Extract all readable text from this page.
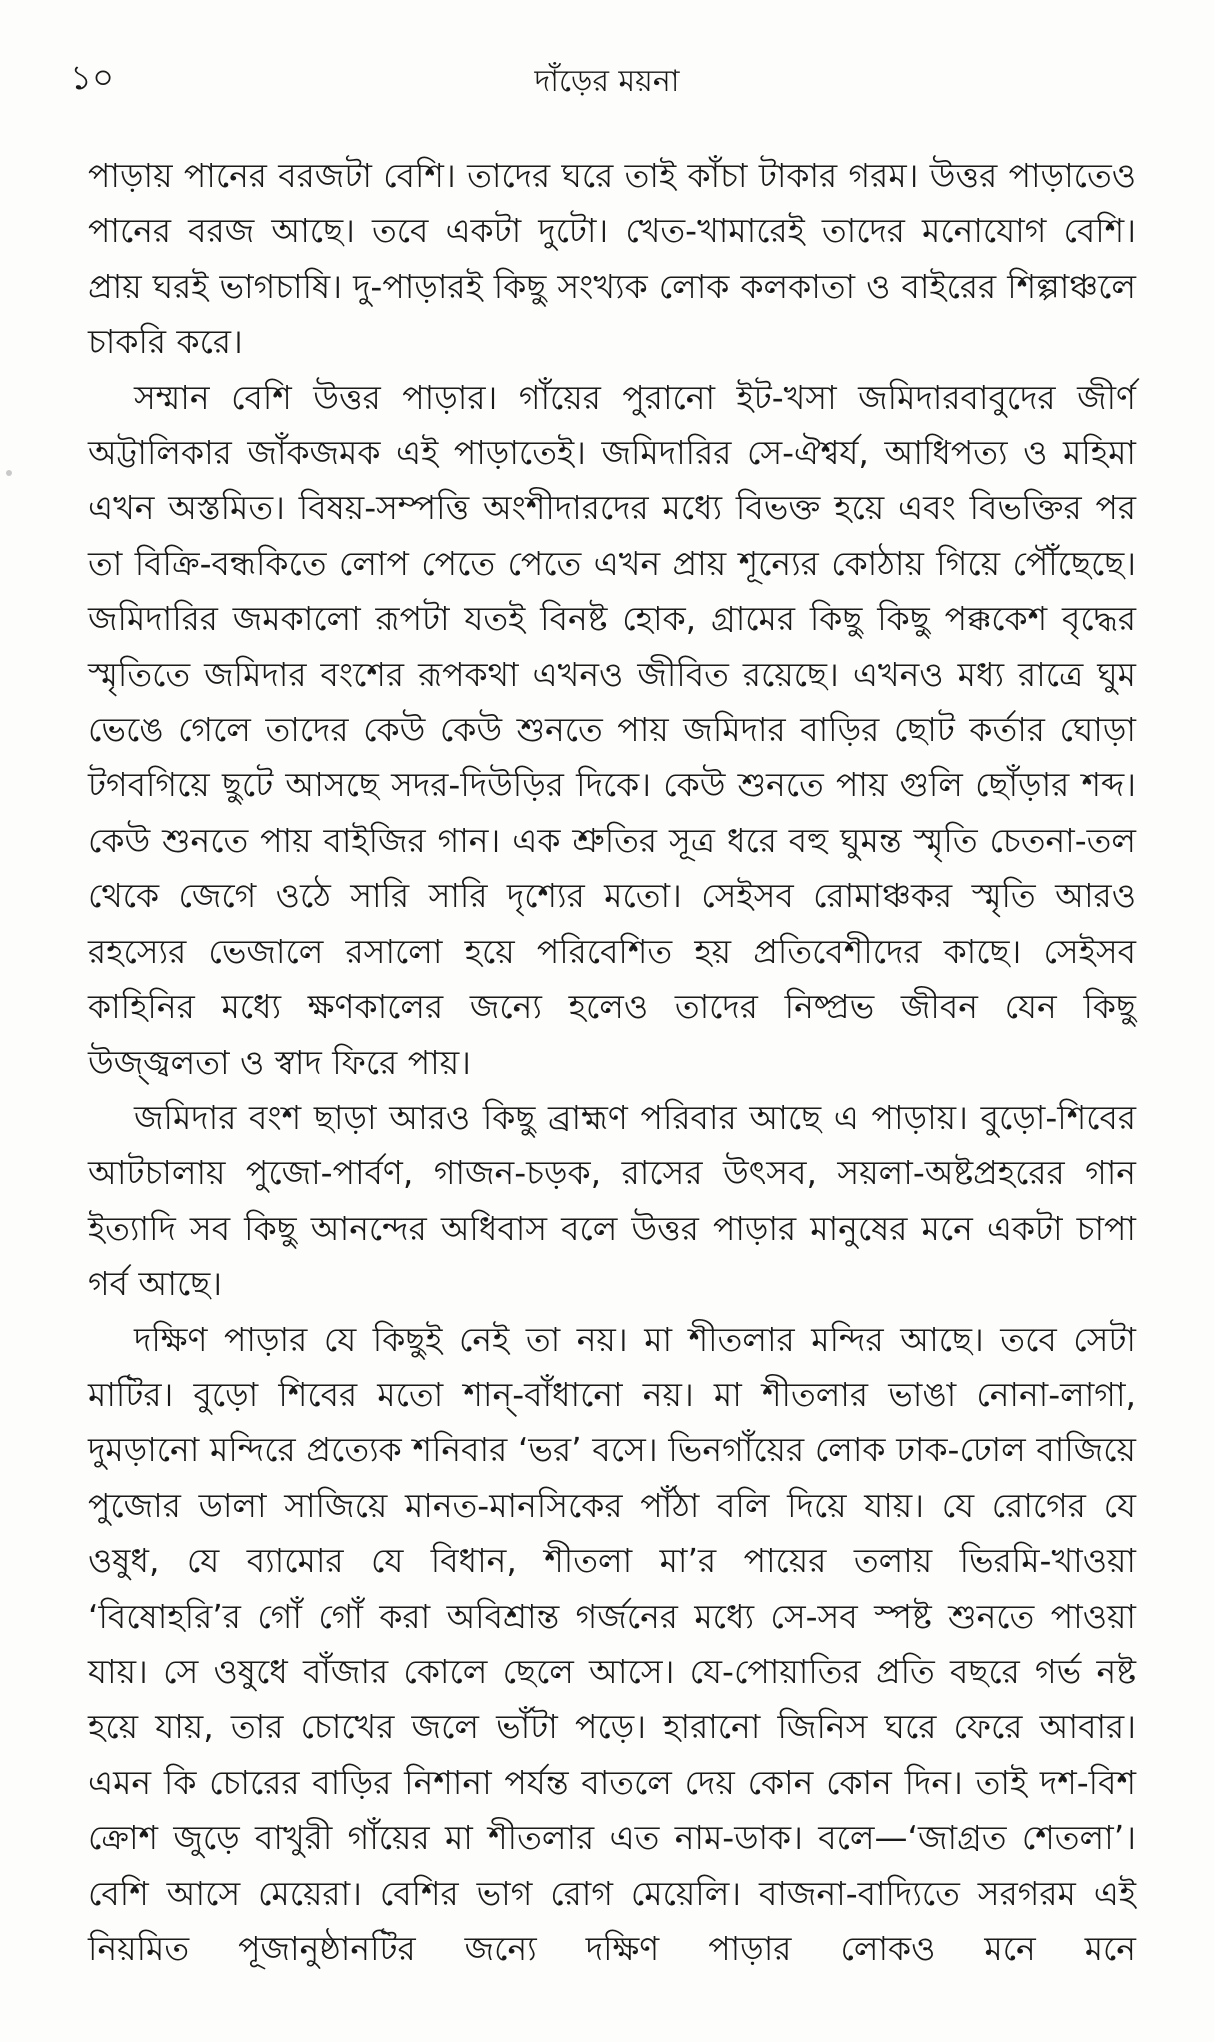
১০	দাঁড়ের ময়না

পাড়ায় পানের বরজটা বেশি। তাদের ঘরে তাই কাঁচা টাকার গরম। উত্তর পাড়াতেও পানের বরজ আছে। তবে একটা দুটো। খেত-খামারেই তাদের মনোযোগ বেশি। প্রায় ঘরই ভাগচাষি। দু-পাড়ারই কিছু সংখ্যক লোক কলকাতা ও বাইরের শিল্পাঞ্চলে চাকরি করে।

সম্মান বেশি উত্তর পাড়ার। গাঁয়ের পুরানো ইট-খসা জমিদারবাবুদের জীর্ণ অট্টালিকার জাঁকজমক এই পাড়াতেই। জমিদারির সে-ঐশ্বর্য, আধিপত্য ও মহিমা এখন অস্তমিত। বিষয়-সম্পত্তি অংশীদারদের মধ্যে বিভক্ত হয়ে এবং বিভক্তির পর তা বিক্রি-বন্ধকিতে লোপ পেতে পেতে এখন প্রায় শূন্যের কোঠায় গিয়ে পৌঁছেছে। জমিদারির জমকালো রূপটা যতই বিনষ্ট হোক, গ্রামের কিছু কিছু পক্ককেশ বৃদ্ধের স্মৃতিতে জমিদার বংশের রূপকথা এখনও জীবিত রয়েছে। এখনও মধ্য রাত্রে ঘুম ভেঙে গেলে তাদের কেউ কেউ শুনতে পায় জমিদার বাড়ির ছোট কর্তার ঘোড়া টগবগিয়ে ছুটে আসছে সদর-দিউড়ির দিকে। কেউ শুনতে পায় গুলি ছোঁড়ার শব্দ। কেউ শুনতে পায় বাইজির গান। এক শ্রুতির সূত্র ধরে বহু ঘুমন্ত স্মৃতি চেতনা-তল থেকে জেগে ওঠে সারি সারি দৃশ্যের মতো। সেইসব রোমাঞ্চকর স্মৃতি আরও রহস্যের ভেজালে রসালো হয়ে পরিবেশিত হয় প্রতিবেশীদের কাছে। সেইসব কাহিনির মধ্যে ক্ষণকালের জন্যে হলেও তাদের নিষ্প্রভ জীবন যেন কিছু উজ্জ্বলতা ও স্বাদ ফিরে পায়।

জমিদার বংশ ছাড়া আরও কিছু ব্রাহ্মণ পরিবার আছে এ পাড়ায়। বুড়ো-শিবের আটচালায় পুজো-পার্বণ, গাজন-চড়ক, রাসের উৎসব, সয়লা-অষ্টপ্রহরের গান ইত্যাদি সব কিছু আনন্দের অধিবাস বলে উত্তর পাড়ার মানুষের মনে একটা চাপা গর্ব আছে।

দক্ষিণ পাড়ার যে কিছুই নেই তা নয়। মা শীতলার মন্দির আছে। তবে সেটা মাটির। বুড়ো শিবের মতো শান্-বাঁধানো নয়। মা শীতলার ভাঙা নোনা-লাগা, দুমড়ানো মন্দিরে প্রত্যেক শনিবার ‘ভর’ বসে। ভিনগাঁয়ের লোক ঢাক-ঢোল বাজিয়ে পুজোর ডালা সাজিয়ে মানত-মানসিকের পাঁঠা বলি দিয়ে যায়। যে রোগের যে ওষুধ, যে ব্যামোর যে বিধান, শীতলা মা’র পায়ের তলায় ভিরমি-খাওয়া ‘বিষোহরি’র গোঁ গোঁ করা অবিশ্রান্ত গর্জনের মধ্যে সে-সব স্পষ্ট শুনতে পাওয়া যায়। সে ওষুধে বাঁজার কোলে ছেলে আসে। যে-পোয়াতির প্রতি বছরে গর্ভ নষ্ট হয়ে যায়, তার চোখের জলে ভাঁটা পড়ে। হারানো জিনিস ঘরে ফেরে আবার। এমন কি চোরের বাড়ির নিশানা পর্যন্ত বাতলে দেয় কোন কোন দিন। তাই দশ-বিশ ক্রোশ জুড়ে বাখুরী গাঁয়ের মা শীতলার এত নাম-ডাক। বলে—‘জাগ্রত শেতলা’। বেশি আসে মেয়েরা। বেশির ভাগ রোগ মেয়েলি। বাজনা-বাদ্যিতে সরগরম এই নিয়মিত পূজানুষ্ঠানটির জন্যে দক্ষিণ পাড়ার লোকও মনে মনে
